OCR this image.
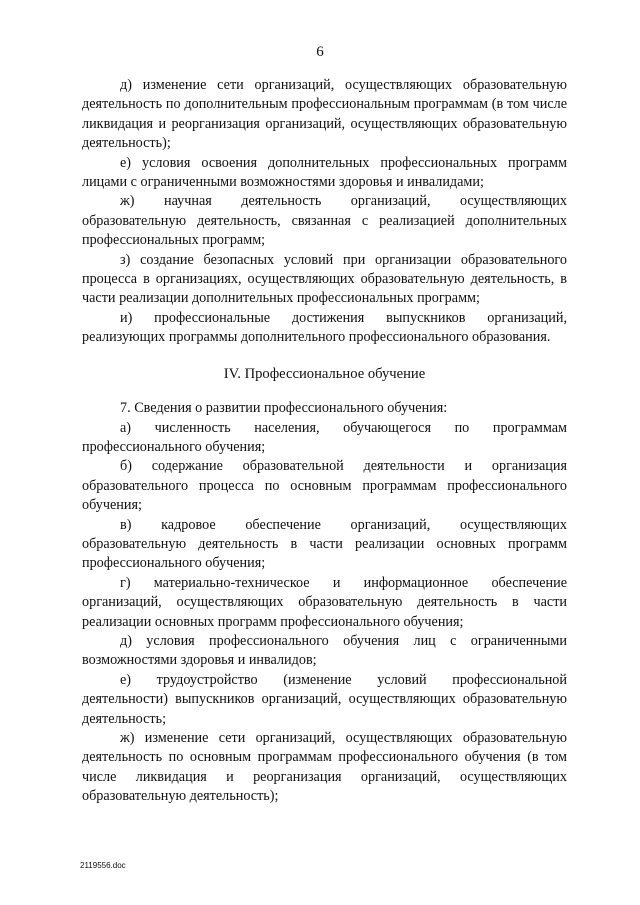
6

д) изменение сети организаций, осуществляющих образовательную деятельность по дополнительным профессиональным программам (в том числе ликвидация и реорганизация организаций, осуществляющих образовательную деятельность);

е) условия освоения дополнительных профессиональных программ лицами с ограниченными возможностями здоровья и инвалидами;

ж) научная деятельность организаций, осуществляющих образовательную деятельность, связанная с реализацией дополнительных профессиональных программ;

з) создание безопасных условий при организации образовательного процесса в организациях, осуществляющих образовательную деятельность, в части реализации дополнительных профессиональных программ;

и) профессиональные достижения выпускников организаций, реализующих программы дополнительного профессионального образования.

IV. Профессиональное обучение

7. Сведения о развитии профессионального обучения:

а) численность населения, обучающегося по программам профессионального обучения;

б) содержание образовательной деятельности и организация образовательного процесса по основным программам профессионального обучения;

в) кадровое обеспечение организаций, осуществляющих образовательную деятельность в части реализации основных программ профессионального обучения;

г) материально-техническое и информационное обеспечение организаций, осуществляющих образовательную деятельность в части реализации основных программ профессионального обучения;

д) условия профессионального обучения лиц с ограниченными возможностями здоровья и инвалидов;

е) трудоустройство (изменение условий профессиональной деятельности) выпускников организаций, осуществляющих образовательную деятельность;

ж) изменение сети организаций, осуществляющих образовательную деятельность по основным программам профессионального обучения (в том числе ликвидация и реорганизация организаций, осуществляющих образовательную деятельность);

2119556.doc
